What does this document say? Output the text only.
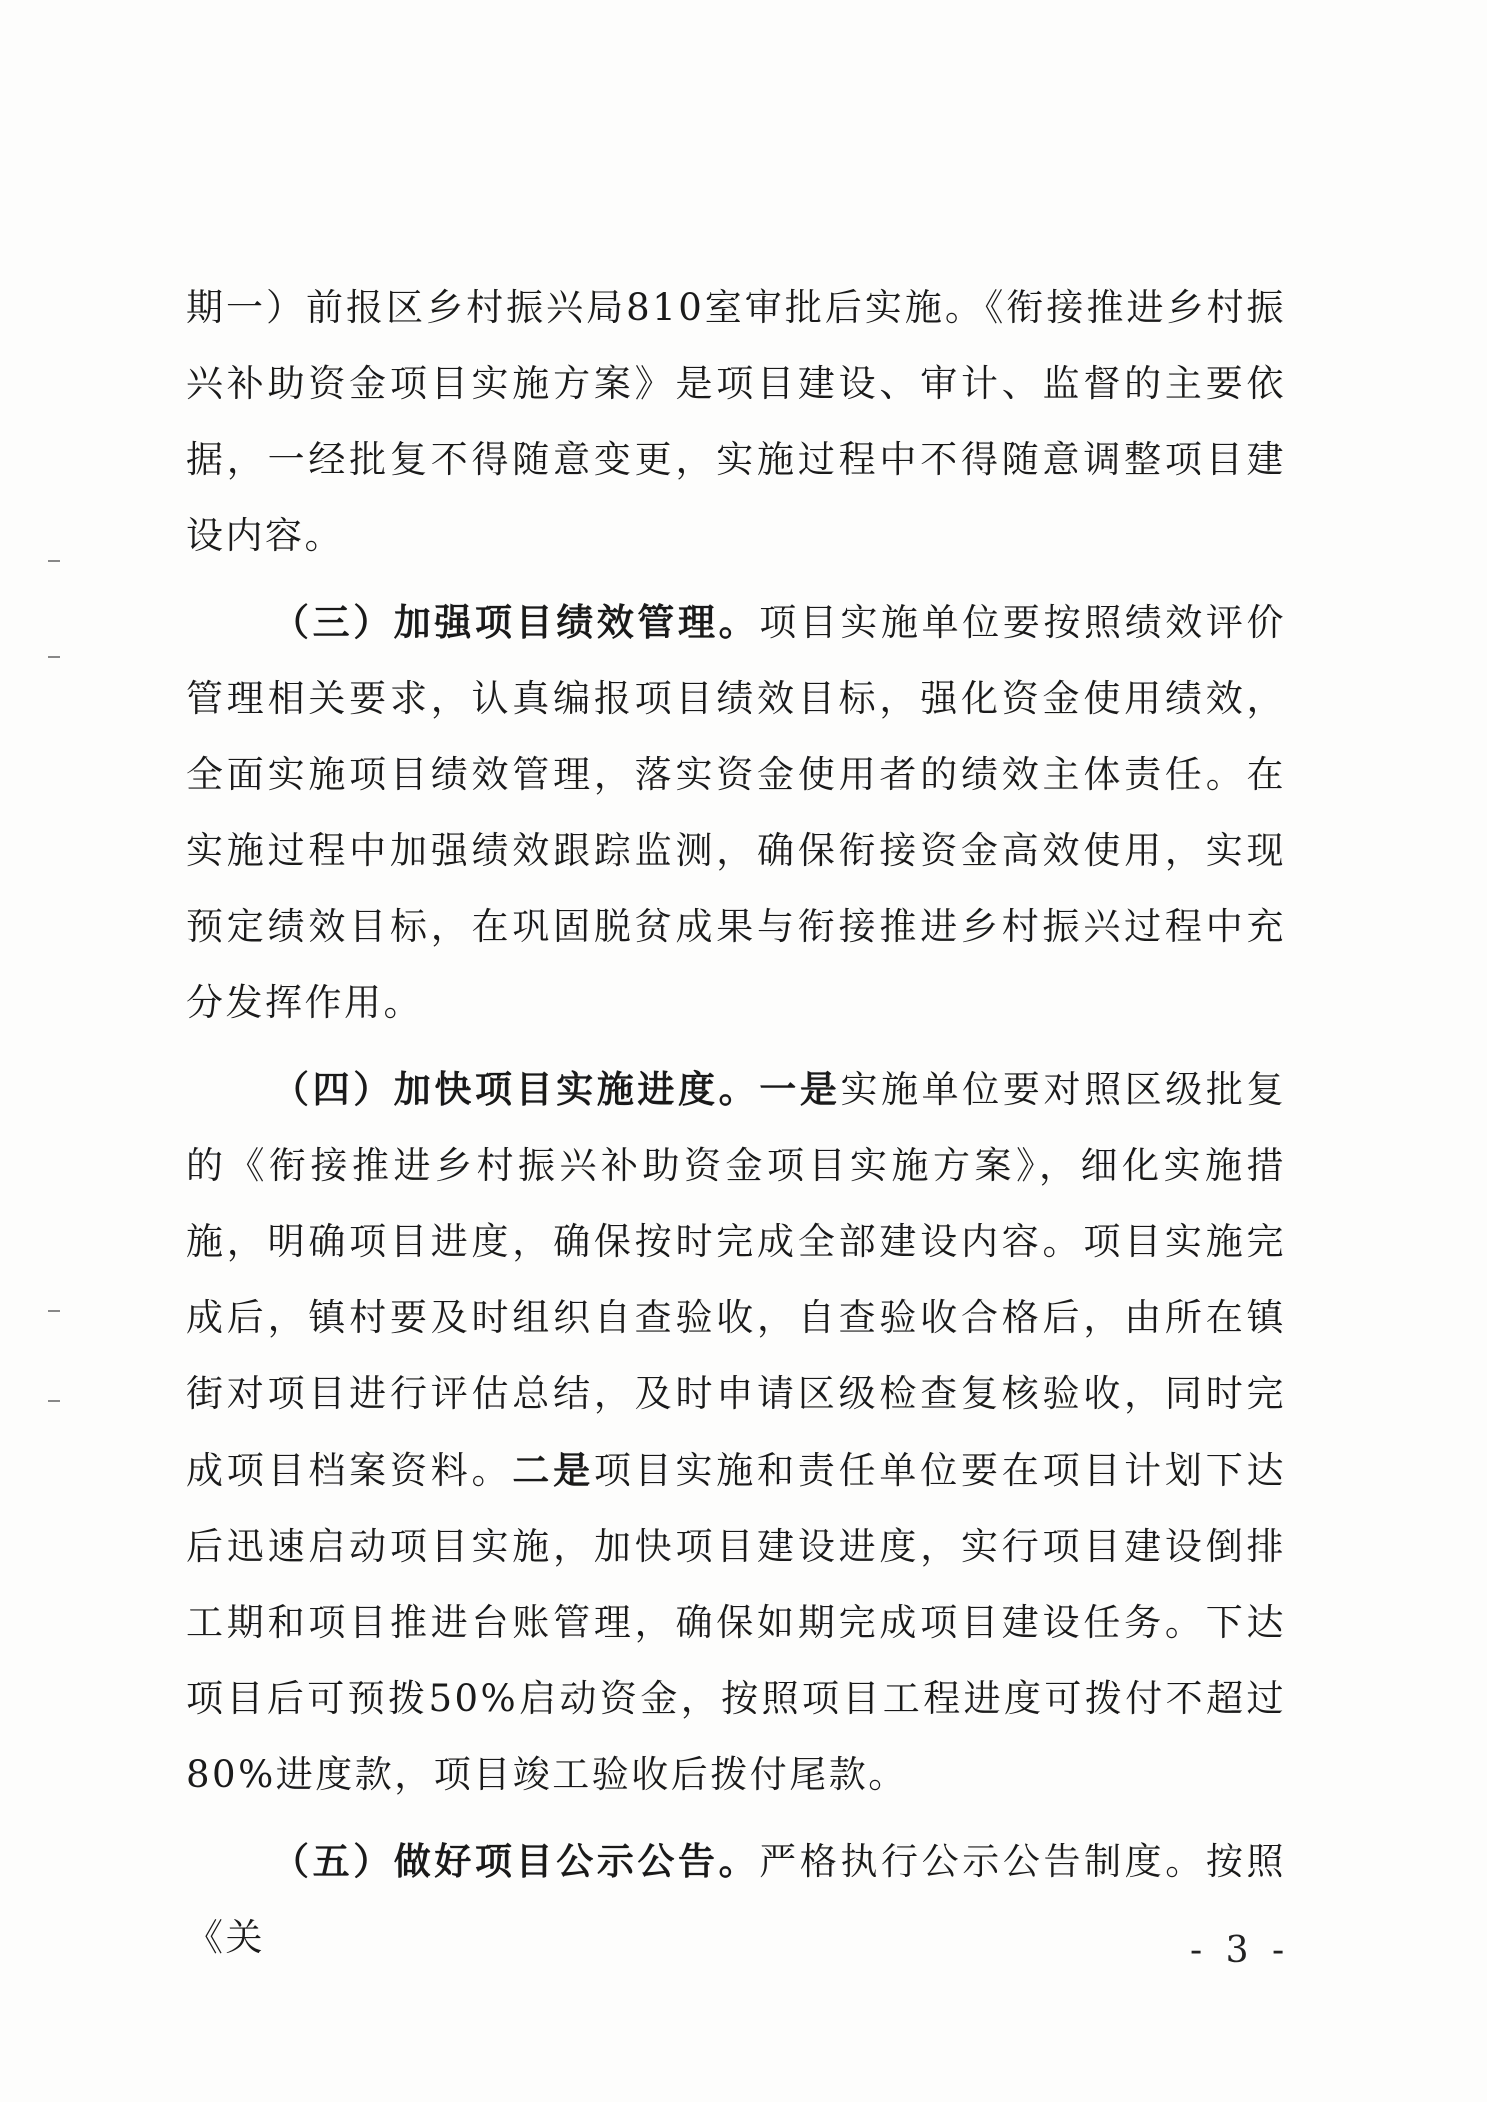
期一）前报区乡村振兴局810室审批后实施。《衔接推进乡村振兴补助资金项目实施方案》是项目建设、审计、监督的主要依据，一经批复不得随意变更，实施过程中不得随意调整项目建设内容。

（三）加强项目绩效管理。项目实施单位要按照绩效评价管理相关要求，认真编报项目绩效目标，强化资金使用绩效，全面实施项目绩效管理，落实资金使用者的绩效主体责任。在实施过程中加强绩效跟踪监测，确保衔接资金高效使用，实现预定绩效目标，在巩固脱贫成果与衔接推进乡村振兴过程中充分发挥作用。

（四）加快项目实施进度。一是实施单位要对照区级批复的《衔接推进乡村振兴补助资金项目实施方案》，细化实施措施，明确项目进度，确保按时完成全部建设内容。项目实施完成后，镇村要及时组织自查验收，自查验收合格后，由所在镇街对项目进行评估总结，及时申请区级检查复核验收，同时完成项目档案资料。二是项目实施和责任单位要在项目计划下达后迅速启动项目实施，加快项目建设进度，实行项目建设倒排工期和项目推进台账管理，确保如期完成项目建设任务。下达项目后可预拨50%启动资金，按照项目工程进度可拨付不超过80%进度款，项目竣工验收后拨付尾款。

（五）做好项目公示公告。严格执行公示公告制度。按照《关	- 3 -
